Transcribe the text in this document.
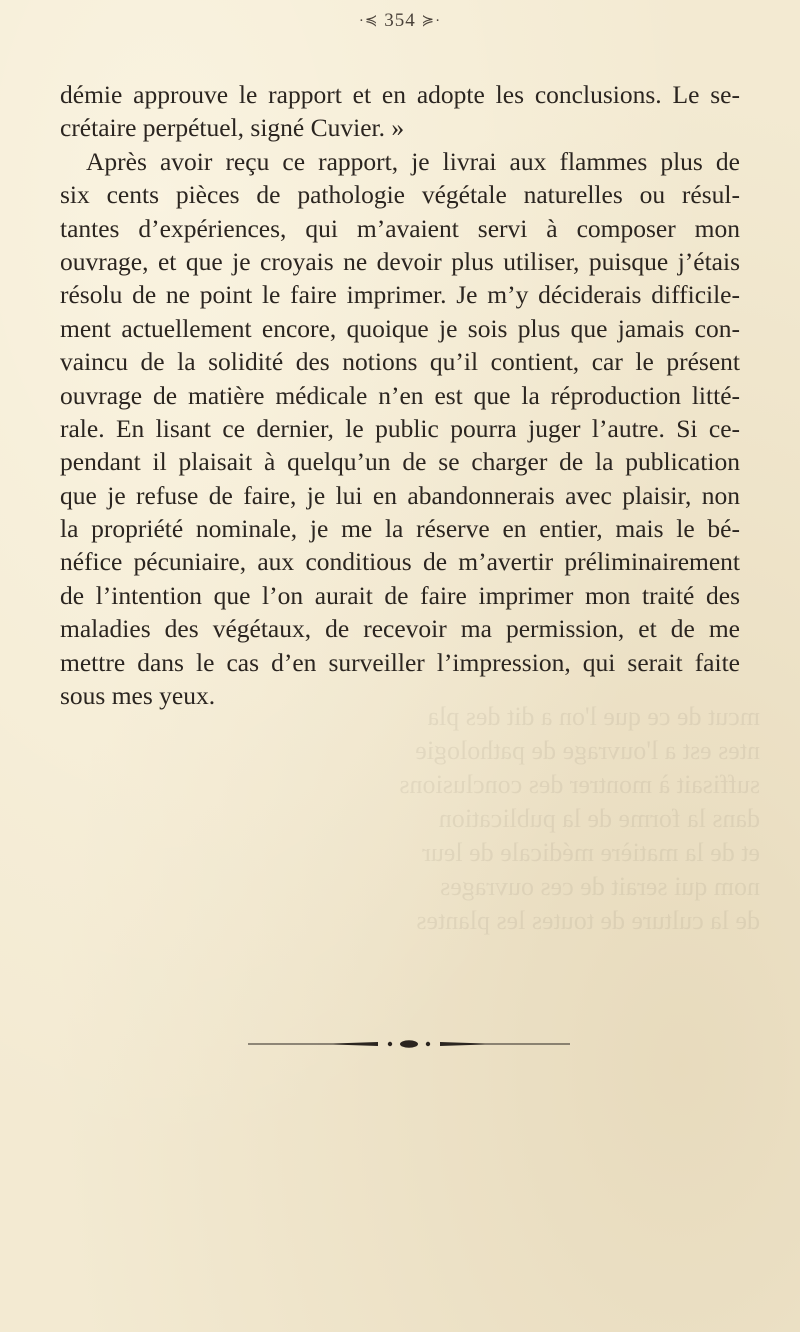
mcut de ce que l'on a dit des pla
ntes est a l'ouvrage de pathologie
suffisait à montrer des conclusions
dans la forme de la publication
et de la matière médicale de leur
nom qui serait de ces ouvrages
de la culture de toutes les plantes
·≼ 354 ≽·
démie approuve le rapport et en adopte les conclusions. Le se-
crétaire perpétuel, signé Cuvier. »
Après avoir reçu ce rapport, je livrai aux flammes plus de
six cents pièces de pathologie végétale naturelles ou résul-
tantes d’expériences, qui m’avaient servi à composer mon
ouvrage, et que je croyais ne devoir plus utiliser, puisque j’étais
résolu de ne point le faire imprimer. Je m’y déciderais difficile-
ment actuellement encore, quoique je sois plus que jamais con-
vaincu de la solidité des notions qu’il contient, car le présent
ouvrage de matière médicale n’en est que la réproduction litté-
rale. En lisant ce dernier, le public pourra juger l’autre. Si ce-
pendant il plaisait à quelqu’un de se charger de la publication
que je refuse de faire, je lui en abandonnerais avec plaisir, non
la propriété nominale, je me la réserve en entier, mais le bé-
néfice pécuniaire, aux conditious de m’avertir préliminairement
de l’intention que l’on aurait de faire imprimer mon traité des
maladies des végétaux, de recevoir ma permission, et de me
mettre dans le cas d’en surveiller l’impression, qui serait faite
sous mes yeux.
